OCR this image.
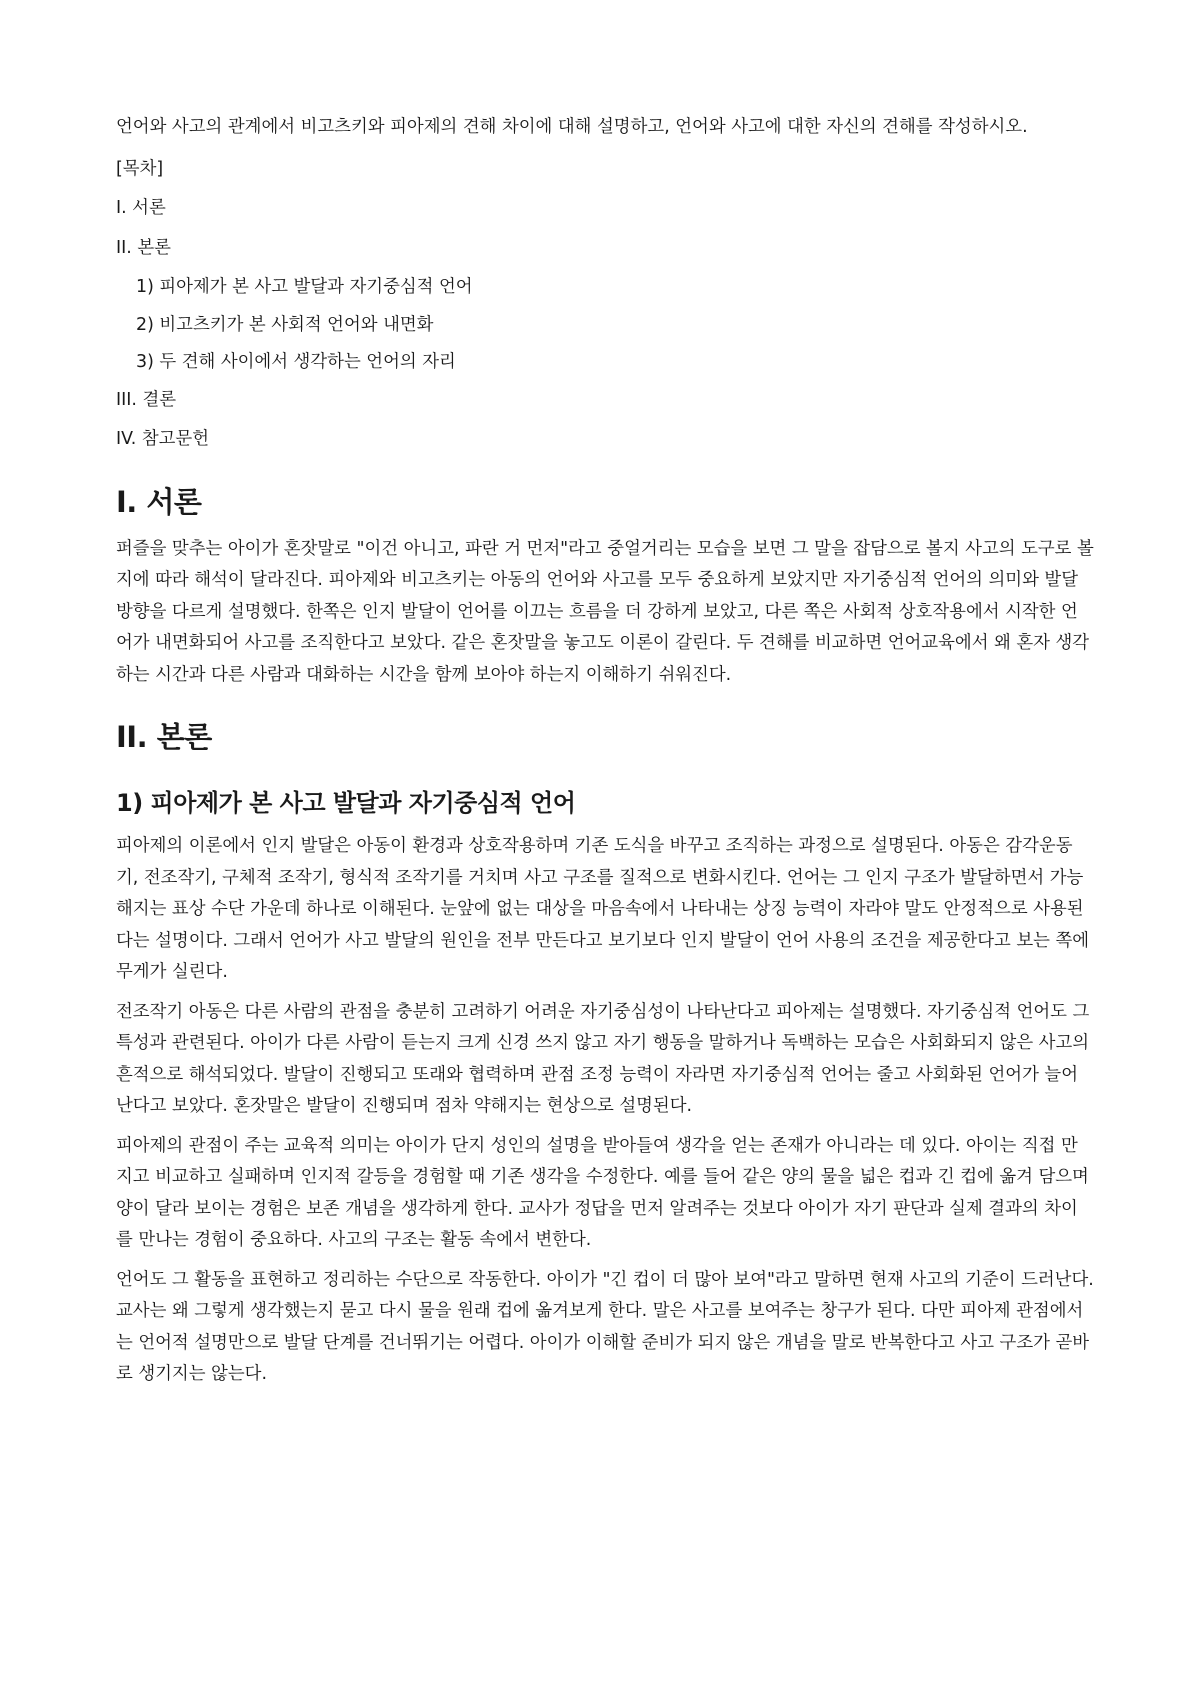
언어와 사고의 관계에서 비고츠키와 피아제의 견해 차이에 대해 설명하고, 언어와 사고에 대한 자신의 견해를 작성하시오.

[목차]

I. 서론
II. 본론
1) 피아제가 본 사고 발달과 자기중심적 언어
2) 비고츠키가 본 사회적 언어와 내면화
3) 두 견해 사이에서 생각하는 언어의 자리
III. 결론
IV. 참고문헌
I. 서론

퍼즐을 맞추는 아이가 혼잣말로 "이건 아니고, 파란 거 먼저"라고 중얼거리는 모습을 보면 그 말을 잡담으로 볼지 사고의 도구로 볼지에 따라 해석이 달라진다. 피아제와 비고츠키는 아동의 언어와 사고를 모두 중요하게 보았지만 자기중심적 언어의 의미와 발달 방향을 다르게 설명했다. 한쪽은 인지 발달이 언어를 이끄는 흐름을 더 강하게 보았고, 다른 쪽은 사회적 상호작용에서 시작한 언어가 내면화되어 사고를 조직한다고 보았다. 같은 혼잣말을 놓고도 이론이 갈린다. 두 견해를 비교하면 언어교육에서 왜 혼자 생각하는 시간과 다른 사람과 대화하는 시간을 함께 보아야 하는지 이해하기 쉬워진다.

II. 본론
1) 피아제가 본 사고 발달과 자기중심적 언어

피아제의 이론에서 인지 발달은 아동이 환경과 상호작용하며 기존 도식을 바꾸고 조직하는 과정으로 설명된다. 아동은 감각운동기, 전조작기, 구체적 조작기, 형식적 조작기를 거치며 사고 구조를 질적으로 변화시킨다. 언어는 그 인지 구조가 발달하면서 가능해지는 표상 수단 가운데 하나로 이해된다. 눈앞에 없는 대상을 마음속에서 나타내는 상징 능력이 자라야 말도 안정적으로 사용된다는 설명이다. 그래서 언어가 사고 발달의 원인을 전부 만든다고 보기보다 인지 발달이 언어 사용의 조건을 제공한다고 보는 쪽에 무게가 실린다.

전조작기 아동은 다른 사람의 관점을 충분히 고려하기 어려운 자기중심성이 나타난다고 피아제는 설명했다. 자기중심적 언어도 그 특성과 관련된다. 아이가 다른 사람이 듣는지 크게 신경 쓰지 않고 자기 행동을 말하거나 독백하는 모습은 사회화되지 않은 사고의 흔적으로 해석되었다. 발달이 진행되고 또래와 협력하며 관점 조정 능력이 자라면 자기중심적 언어는 줄고 사회화된 언어가 늘어난다고 보았다. 혼잣말은 발달이 진행되며 점차 약해지는 현상으로 설명된다.

피아제의 관점이 주는 교육적 의미는 아이가 단지 성인의 설명을 받아들여 생각을 얻는 존재가 아니라는 데 있다. 아이는 직접 만지고 비교하고 실패하며 인지적 갈등을 경험할 때 기존 생각을 수정한다. 예를 들어 같은 양의 물을 넓은 컵과 긴 컵에 옮겨 담으며 양이 달라 보이는 경험은 보존 개념을 생각하게 한다. 교사가 정답을 먼저 알려주는 것보다 아이가 자기 판단과 실제 결과의 차이를 만나는 경험이 중요하다. 사고의 구조는 활동 속에서 변한다.

언어도 그 활동을 표현하고 정리하는 수단으로 작동한다. 아이가 "긴 컵이 더 많아 보여"라고 말하면 현재 사고의 기준이 드러난다. 교사는 왜 그렇게 생각했는지 묻고 다시 물을 원래 컵에 옮겨보게 한다. 말은 사고를 보여주는 창구가 된다. 다만 피아제 관점에서는 언어적 설명만으로 발달 단계를 건너뛰기는 어렵다. 아이가 이해할 준비가 되지 않은 개념을 말로 반복한다고 사고 구조가 곧바로 생기지는 않는다.
